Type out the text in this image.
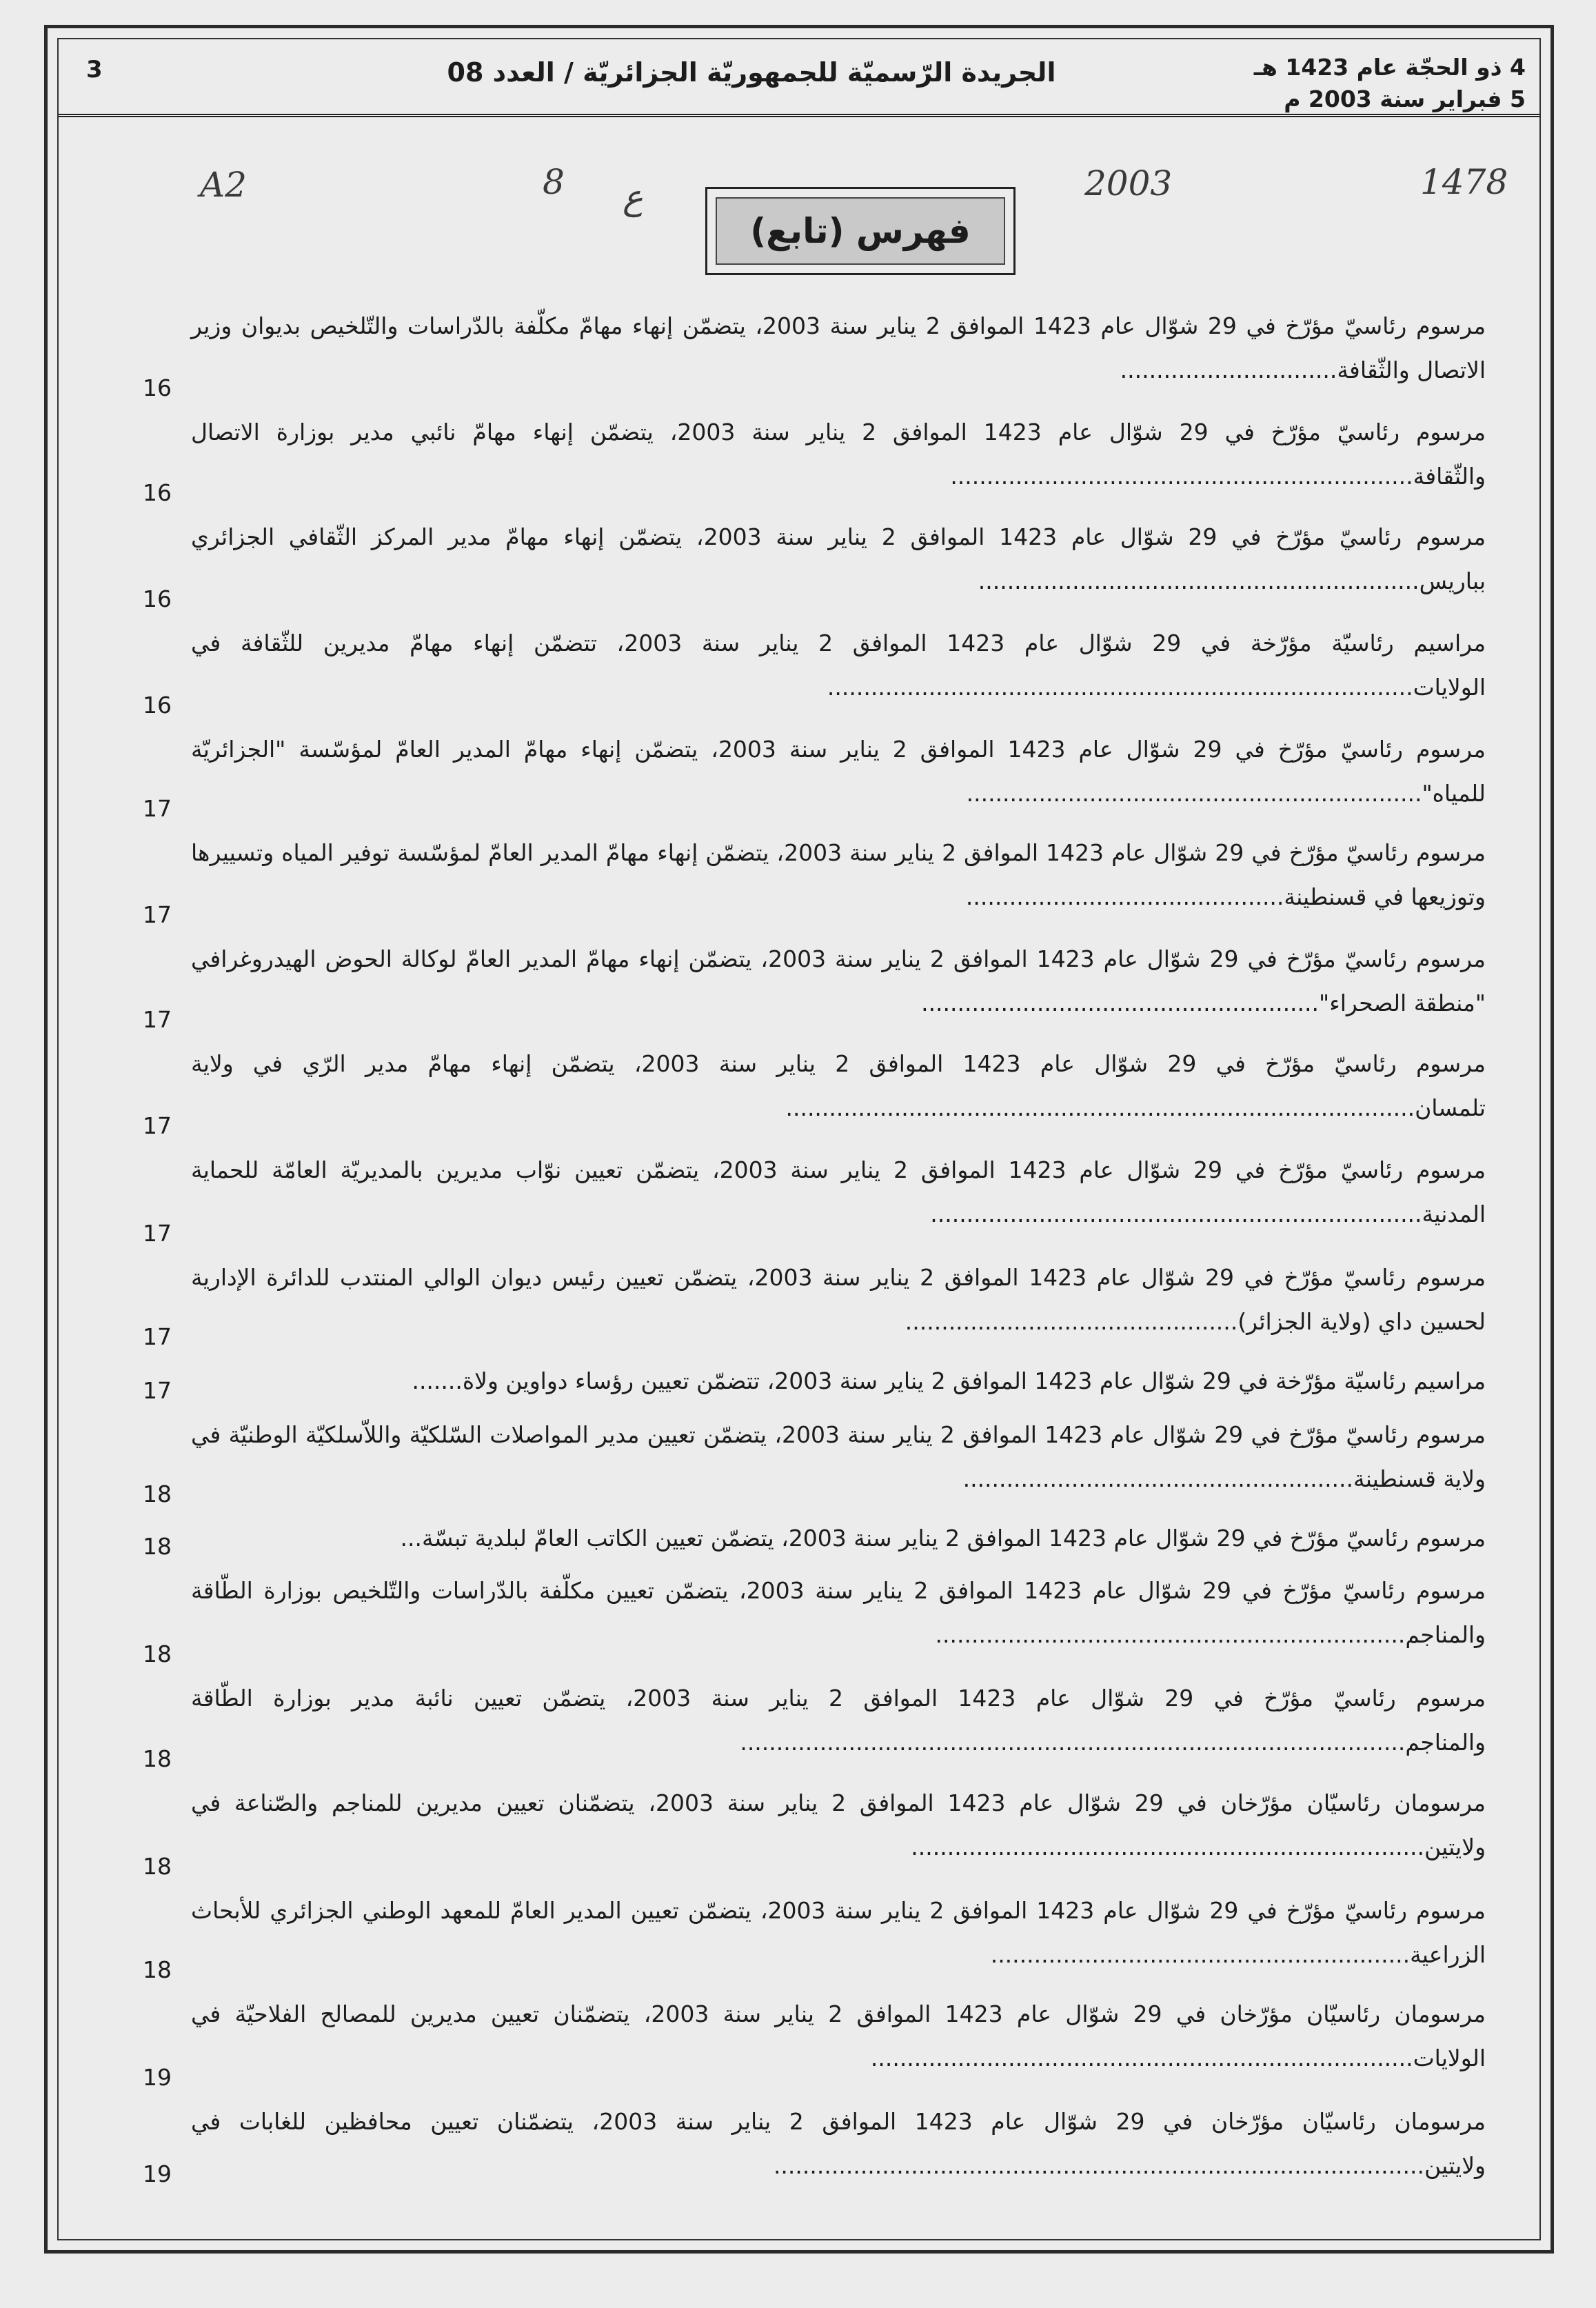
4 ذو الحجّة عام 1423 هـ
5 فبراير سنة 2003 م
الجريدة الرّسميّة للجمهوريّة الجزائريّة / العدد 08
3
A2	8 ع	2003	1478
فهرس (تابع)
مرسوم رئاسيّ مؤرّخ في 29 شوّال عام 1423 الموافق 2 يناير سنة 2003، يتضمّن إنهاء مهامّ مكلّفة بالدّراسات والتّلخيص بديوان وزير الاتصال والثّقافة..............................
16
مرسوم رئاسيّ مؤرّخ في 29 شوّال عام 1423 الموافق 2 يناير سنة 2003، يتضمّن إنهاء مهامّ نائبي مدير بوزارة الاتصال والثّقافة................................................................
16
مرسوم رئاسيّ مؤرّخ في 29 شوّال عام 1423 الموافق 2 يناير سنة 2003، يتضمّن إنهاء مهامّ مدير المركز الثّقافي الجزائري بباريس.............................................................
16
مراسيم رئاسيّة مؤرّخة في 29 شوّال عام 1423 الموافق 2 يناير سنة 2003، تتضمّن إنهاء مهامّ مديرين للثّقافة في الولايات.................................................................................
16
مرسوم رئاسيّ مؤرّخ في 29 شوّال عام 1423 الموافق 2 يناير سنة 2003، يتضمّن إنهاء مهامّ المدير العامّ لمؤسّسة "الجزائريّة للمياه"...............................................................
17
مرسوم رئاسيّ مؤرّخ في 29 شوّال عام 1423 الموافق 2 يناير سنة 2003، يتضمّن إنهاء مهامّ المدير العامّ لمؤسّسة توفير المياه وتسييرها وتوزيعها في قسنطينة............................................
17
مرسوم رئاسيّ مؤرّخ في 29 شوّال عام 1423 الموافق 2 يناير سنة 2003، يتضمّن إنهاء مهامّ المدير العامّ لوكالة الحوض الهيدروغرافي "منطقة الصحراء".......................................................
17
مرسوم رئاسيّ مؤرّخ في 29 شوّال عام 1423 الموافق 2 يناير سنة 2003، يتضمّن إنهاء مهامّ مدير الرّي في ولاية تلمسان.......................................................................................
17
مرسوم رئاسيّ مؤرّخ في 29 شوّال عام 1423 الموافق 2 يناير سنة 2003، يتضمّن تعيين نوّاب مديرين بالمديريّة العامّة للحماية المدنية....................................................................
17
مرسوم رئاسيّ مؤرّخ في 29 شوّال عام 1423 الموافق 2 يناير سنة 2003، يتضمّن تعيين رئيس ديوان الوالي المنتدب للدائرة الإدارية لحسين داي (ولاية الجزائر)..............................................
17
مراسيم رئاسيّة مؤرّخة في 29 شوّال عام 1423 الموافق 2 يناير سنة 2003، تتضمّن تعيين رؤساء دواوين ولاة.......
17
مرسوم رئاسيّ مؤرّخ في 29 شوّال عام 1423 الموافق 2 يناير سنة 2003، يتضمّن تعيين مدير المواصلات السّلكيّة واللاّسلكيّة الوطنيّة في ولاية قسنطينة......................................................
18
مرسوم رئاسيّ مؤرّخ في 29 شوّال عام 1423 الموافق 2 يناير سنة 2003، يتضمّن تعيين الكاتب العامّ لبلدية تبسّة...
18
مرسوم رئاسيّ مؤرّخ في 29 شوّال عام 1423 الموافق 2 يناير سنة 2003، يتضمّن تعيين مكلّفة بالدّراسات والتّلخيص بوزارة الطّاقة والمناجم.................................................................
18
مرسوم رئاسيّ مؤرّخ في 29 شوّال عام 1423 الموافق 2 يناير سنة 2003، يتضمّن تعيين نائبة مدير بوزارة الطّاقة والمناجم............................................................................................
18
مرسومان رئاسيّان مؤرّخان في 29 شوّال عام 1423 الموافق 2 يناير سنة 2003، يتضمّنان تعيين مديرين للمناجم والصّناعة في ولايتين.......................................................................
18
مرسوم رئاسيّ مؤرّخ في 29 شوّال عام 1423 الموافق 2 يناير سنة 2003، يتضمّن تعيين المدير العامّ للمعهد الوطني الجزائري للأبحاث الزراعية..........................................................
18
مرسومان رئاسيّان مؤرّخان في 29 شوّال عام 1423 الموافق 2 يناير سنة 2003، يتضمّنان تعيين مديرين للمصالح الفلاحيّة في الولايات...........................................................................
19
مرسومان رئاسيّان مؤرّخان في 29 شوّال عام 1423 الموافق 2 يناير سنة 2003، يتضمّنان تعيين محافظين للغابات في ولايتين..........................................................................................
19
